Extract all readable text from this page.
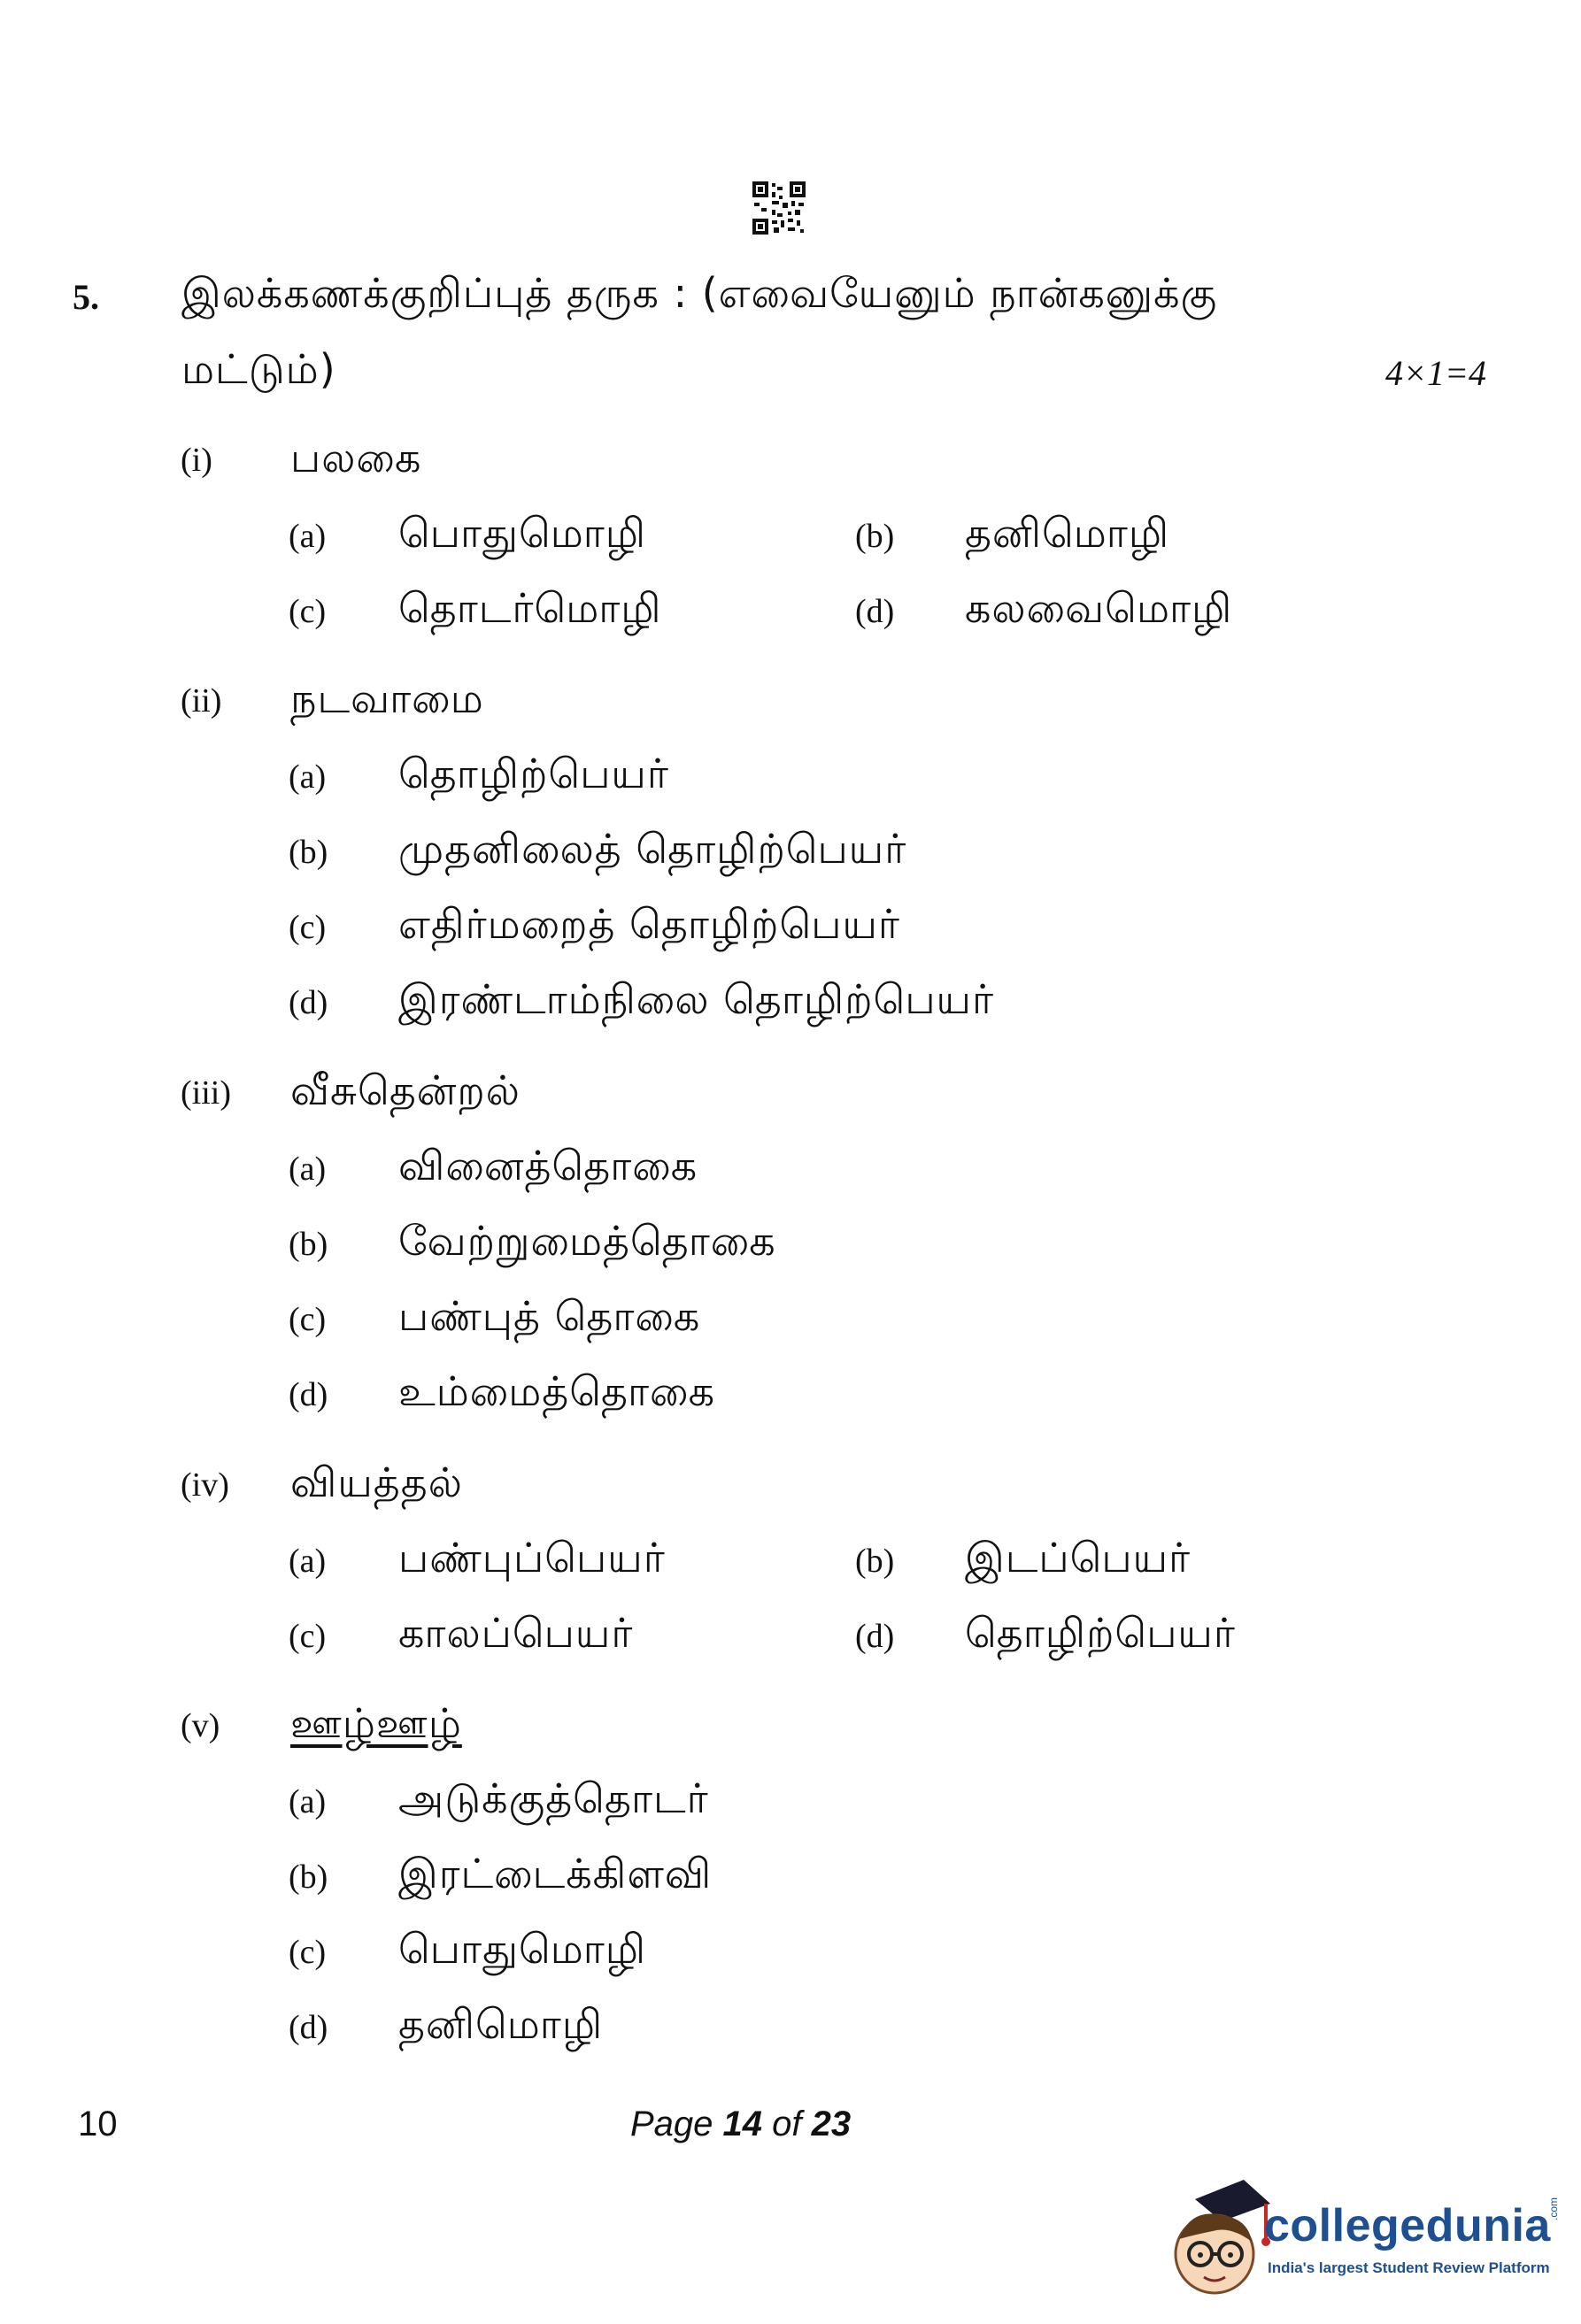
5. இலக்கணக்குறிப்புத் தருக : (எவையேனும் நான்கனுக்கு
மட்டும்)	4×1=4
(i) பலகை
(a) பொதுமொழி	(b) தனிமொழி
(c) தொடர்மொழி	(d) கலவைமொழி
(ii) நடவாமை
(a) தொழிற்பெயர்
(b) முதனிலைத் தொழிற்பெயர்
(c) எதிர்மறைத் தொழிற்பெயர்
(d) இரண்டாம்நிலை தொழிற்பெயர்
(iii) வீசுதென்றல்
(a) வினைத்தொகை
(b) வேற்றுமைத்தொகை
(c) பண்புத் தொகை
(d) உம்மைத்தொகை
(iv) வியத்தல்
(a) பண்புப்பெயர்	(b) இடப்பெயர்
(c) காலப்பெயர்	(d) தொழிற்பெயர்
(v) ஊழ்ஊழ்
(a) அடுக்குத்தொடர்
(b) இரட்டைக்கிளவி
(c) பொதுமொழி
(d) தனிமொழி
10	Page 14 of 23
collegedunia
.com
India's largest Student Review Platform
